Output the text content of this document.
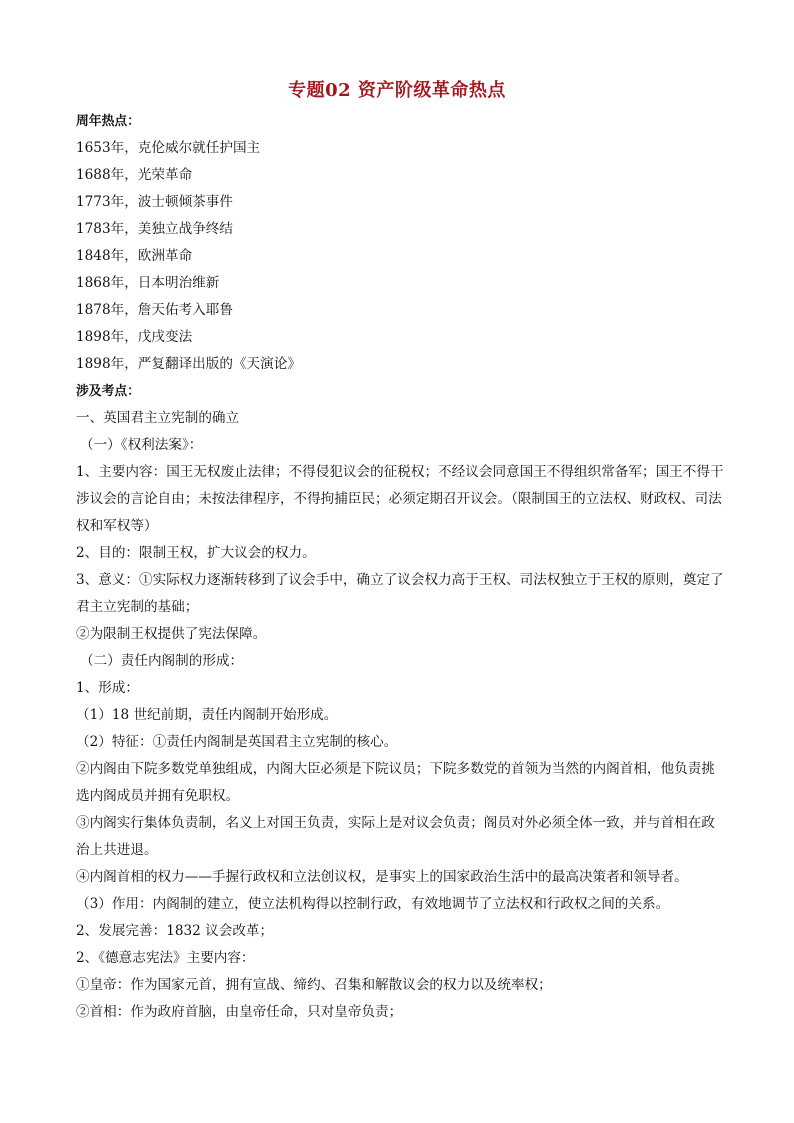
专题02 资产阶级革命热点
周年热点：
1653年，克伦威尔就任护国主
1688年，光荣革命
1773年，波士顿倾茶事件
1783年，美独立战争终结
1848年，欧洲革命
1868年，日本明治维新
1878年，詹天佑考入耶鲁
1898年，戊戌变法
1898年，严复翻译出版的《天演论》
涉及考点：
一、英国君主立宪制的确立
（一）《权利法案》：
1、主要内容：国王无权废止法律；不得侵犯议会的征税权；不经议会同意国王不得组织常备军；国王不得干涉议会的言论自由；未按法律程序，不得拘捕臣民；必须定期召开议会。（限制国王的立法权、财政权、司法权和军权等）
2、目的：限制王权，扩大议会的权力。
3、意义：①实际权力逐渐转移到了议会手中，确立了议会权力高于王权、司法权独立于王权的原则，奠定了君主立宪制的基础；
②为限制王权提供了宪法保障。
（二）责任内阁制的形成：
1、形成：
（1）18 世纪前期，责任内阁制开始形成。
（2）特征：①责任内阁制是英国君主立宪制的核心。
②内阁由下院多数党单独组成，内阁大臣必须是下院议员；下院多数党的首领为当然的内阁首相，他负责挑选内阁成员并拥有免职权。
③内阁实行集体负责制，名义上对国王负责，实际上是对议会负责；阁员对外必须全体一致，并与首相在政治上共进退。
④内阁首相的权力——手握行政权和立法创议权，是事实上的国家政治生活中的最高决策者和领导者。
（3）作用：内阁制的建立，使立法机构得以控制行政，有效地调节了立法权和行政权之间的关系。
2、发展完善：1832 议会改革；
2、《德意志宪法》主要内容：
①皇帝：作为国家元首，拥有宣战、缔约、召集和解散议会的权力以及统率权；
②首相：作为政府首脑，由皇帝任命，只对皇帝负责；
